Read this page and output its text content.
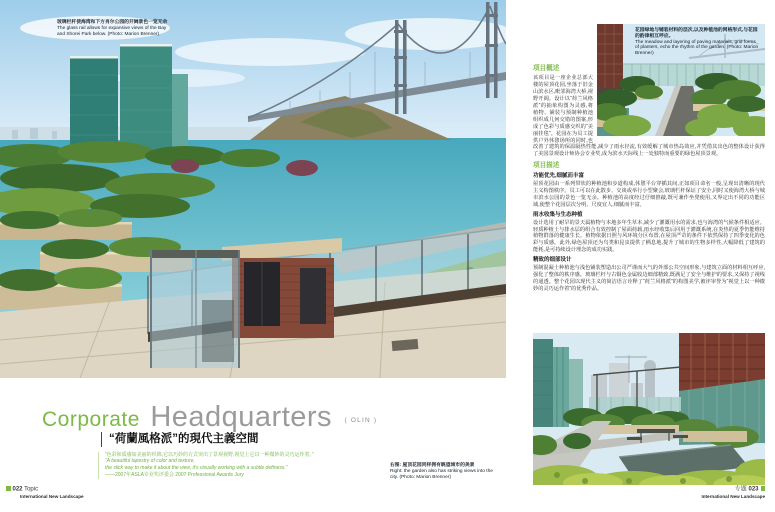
玻璃栏杆使海湾和下方肖尔公园的开阔景色一览无余
The glass rail allows for expansive views of the Bay
and Shorei Park below. (Photo: Marion Brenner)
Corporate Headquarters $^{( OLIN )}$
“荷蘭風格派”的現代主義空間
“色彩和质感如美丽的织锦,它以巧妙的方式突出了景观视野,视觉上它以一种微妙的灵巧运作着。”
“A beautiful tapestry of color and texture,
the slick way to make it about the view, it’s visually working with a subtle deftness.”
——2007年ASLA专业奖评委会 2007 Professional Awards Jury
右图: 屋顶花园同样拥有眺望城市的美景
Right: the garden also has striking views into the
city. (Photo: Marion Brenner)
022 Topic
International New Landscape
花园绿地与铺装材料的层次,以及种植池的网格形式,与花园的韵律相互呼应。
The meadow and layering of paving materials, grid forms of planters, echo the rhythm of the garden. (Photo: Marion Brenner)
项目概述

该项目是一座企业总部大楼的屋顶花园,坐落于旧金山滨水区,毗邻海湾大桥,视野开阔。设计以“荷兰风格派”的抽象构图为灵感,将植物、铺装与预制种植池组织成几何交错的图案,形成了色彩与质感交织的“美丽挂毯”。花园在为员工提供户外休憩场所的同时,也改善了建筑的保温隔热性能,减少了雨水径流,有效缓解了城市热岛效应,并凭借其出色的整体设计获得了美国景观设计师协会专业奖,成为滨水天际线上一处独特而重要的绿色屋顶景观。

项目描述
功能优先,细腻而丰富

屋顶花园由一系列带状的种植池和步道构成,休憩平台穿插其间,正如项目命名一般,呈现出清晰的现代主义构图秩序。员工可以在此散步、交谈或举行小型聚会,玻璃栏杆保证了安全,同时又使海湾大桥与城市滨水公园的景色一览无余。种植池的高度经过仔细推敲,既可兼作坐凳使用,又界定出不同的功能区域,使整个花园层次分明、尺度宜人,细腻而丰富。

雨水收集与生态种植

设计选用了耐旱的景天属植物与本地多年生草本,减少了灌溉用水的需求,也与海湾的气候条件相适应。轻质种植土与排水层的组合有效控制了屋面荷载,雨水经收集后回用于灌溉系统,在炎热的夏季仍能维持植物群落的健康生长。植物依据日照与风环境分区布置,在屋顶严苛的条件下依然保持了四季变化的色彩与质感。此外,绿色屋顶还为鸟类和昆虫提供了栖息地,提升了城市的生物多样性,大幅降低了建筑的能耗,是可持续设计理念的成功实践。

精致的细部设计

预制混凝土种植池与浅色铺装塑造出公司严谨而大气的外部公共空间形象,与建筑立面的材料相互呼应,强化了整体的秩序感。玻璃栏杆与古铜色金属收边细部精致,既满足了安全与维护的要求,又保持了视线的通透。整个花园以现代主义的简洁语言诠释了“荷兰风格派”的构图美学,被评审誉为“视觉上以一种微妙的灵巧运作着”的优秀作品。

专题 023
International New Landscape
